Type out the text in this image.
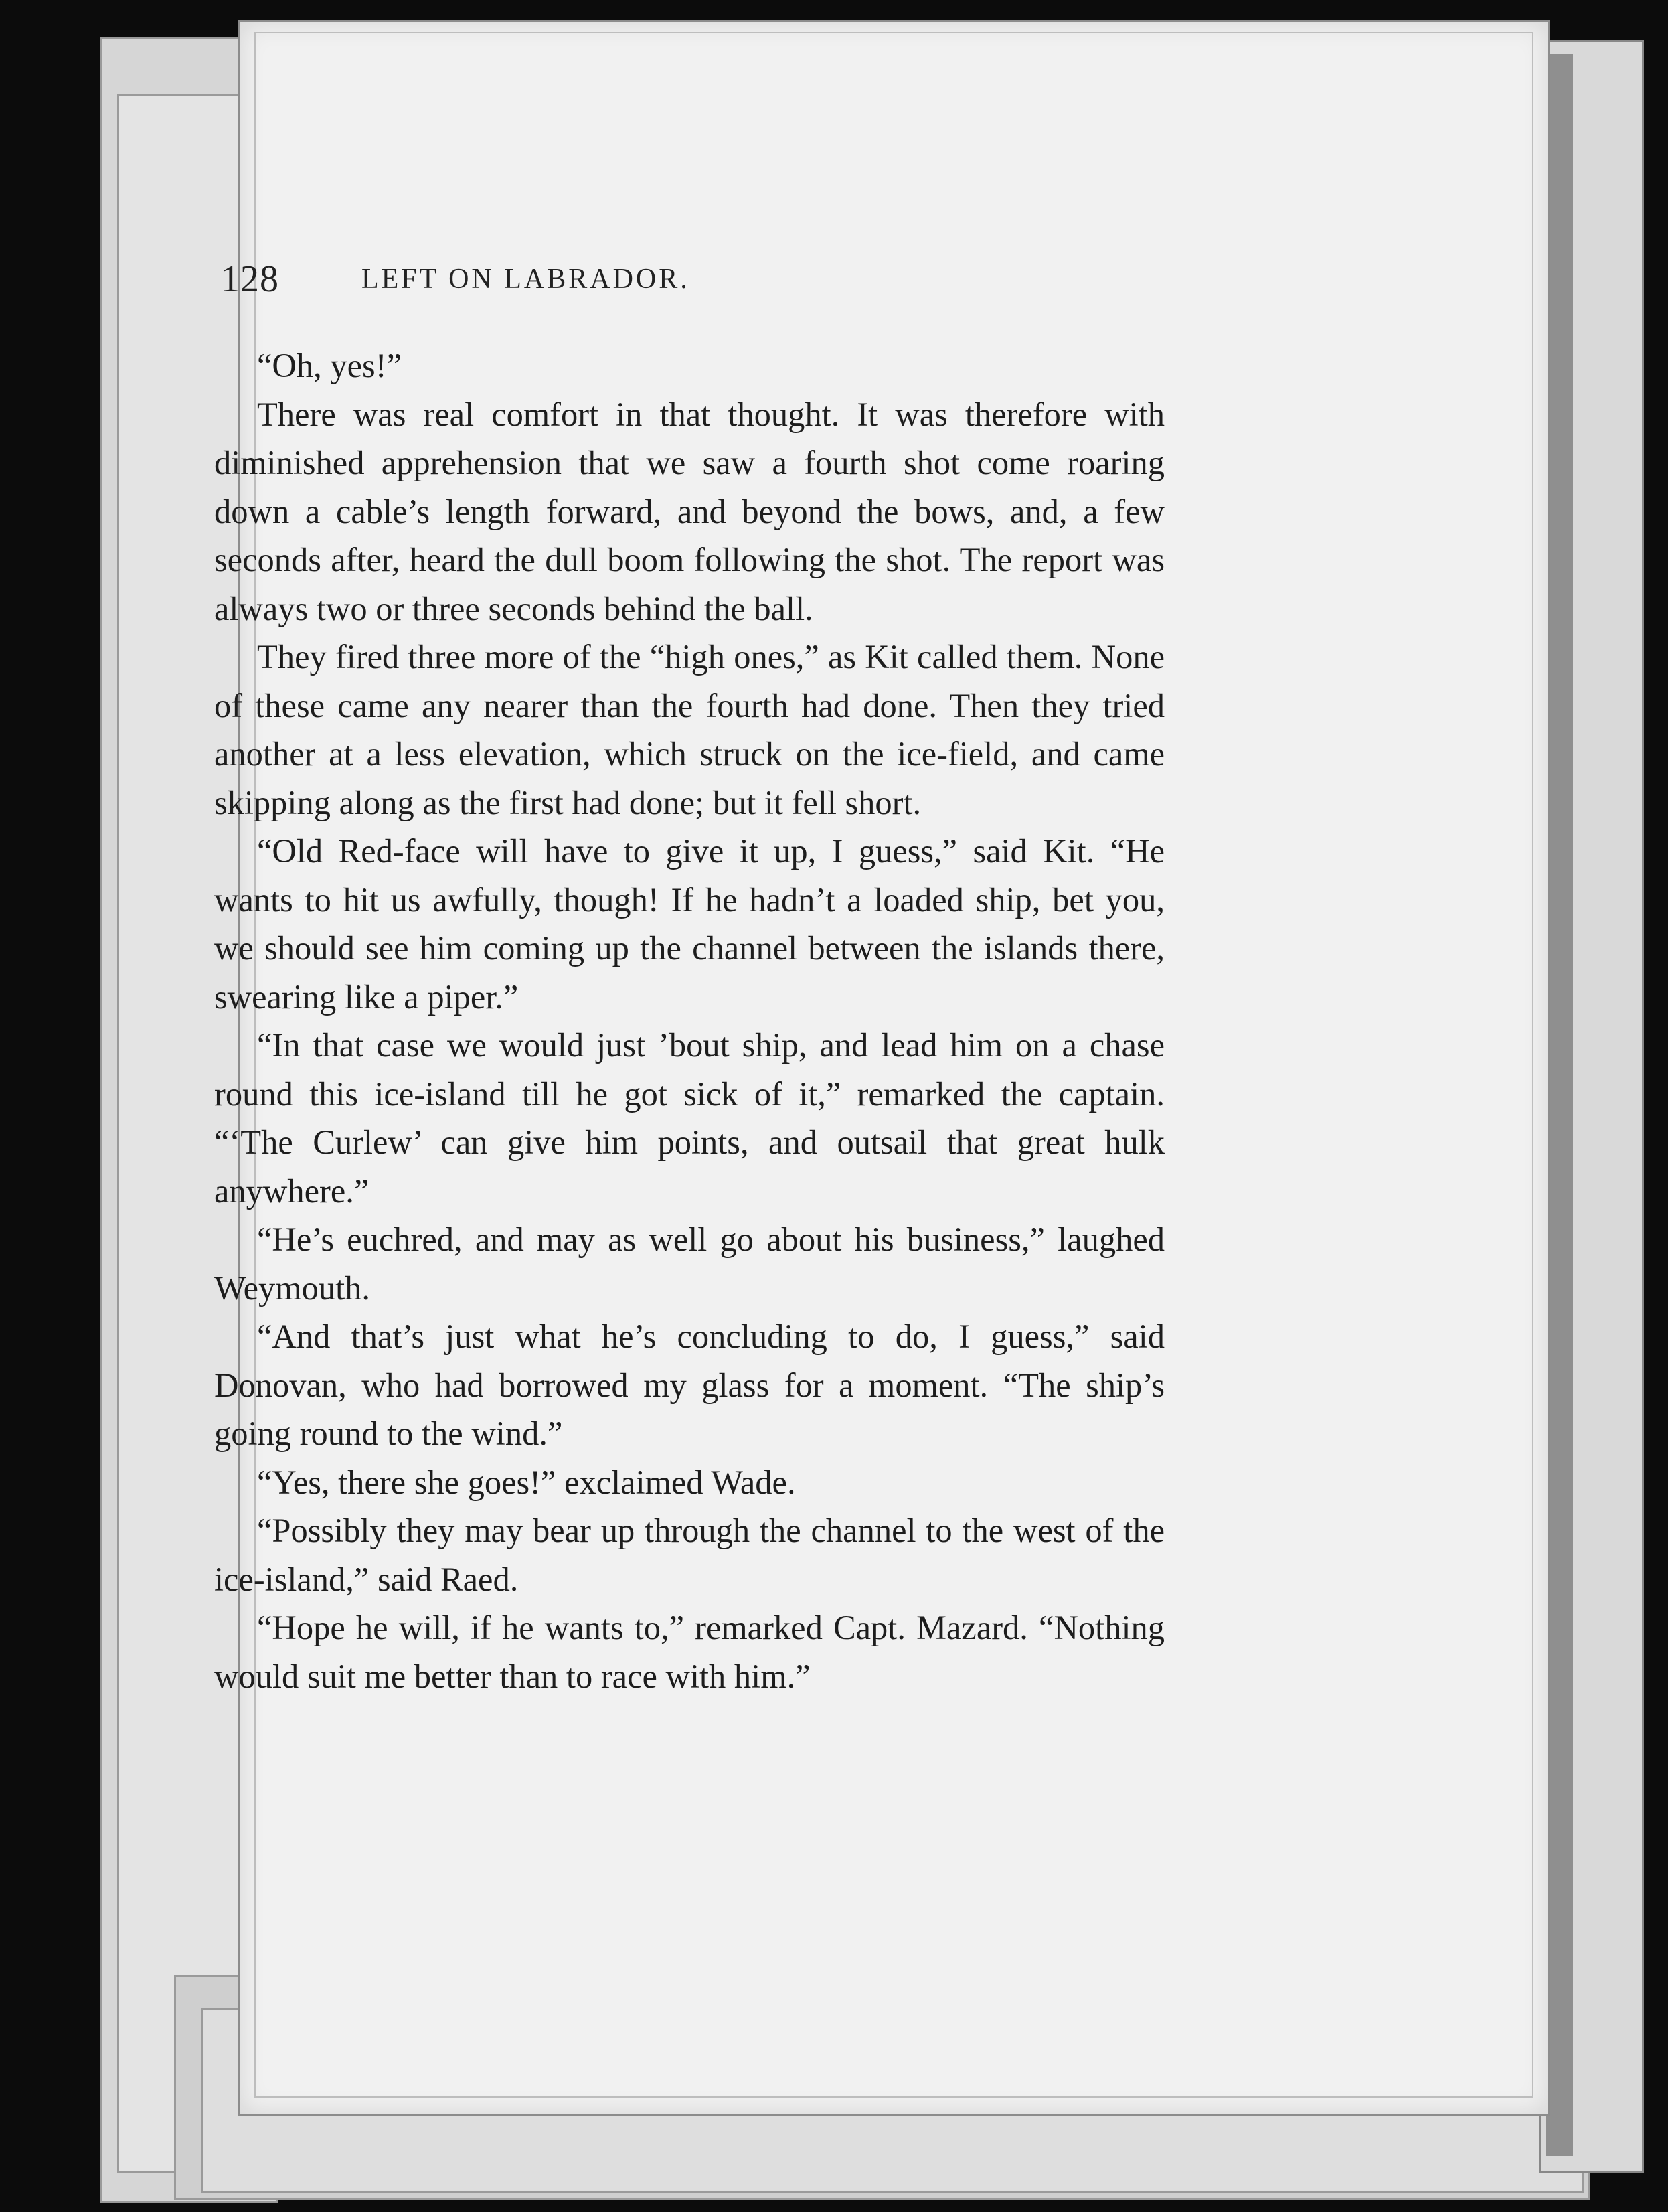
128	LEFT ON LABRADOR.

“Oh, yes!”

There was real comfort in that thought. It was therefore with diminished apprehension that we saw a fourth shot come roaring down a cable’s length forward, and beyond the bows, and, a few seconds after, heard the dull boom following the shot. The report was always two or three seconds behind the ball.

They fired three more of the “high ones,” as Kit called them. None of these came any nearer than the fourth had done. Then they tried another at a less elevation, which struck on the ice-field, and came skipping along as the first had done; but it fell short.

“Old Red-face will have to give it up, I guess,” said Kit. “He wants to hit us awfully, though! If he hadn’t a loaded ship, bet you, we should see him coming up the channel between the islands there, swearing like a piper.”

“In that case we would just ’bout ship, and lead him on a chase round this ice-island till he got sick of it,” remarked the captain. “‘The Curlew’ can give him points, and outsail that great hulk anywhere.”

“He’s euchred, and may as well go about his business,” laughed Weymouth.

“And that’s just what he’s concluding to do, I guess,” said Donovan, who had borrowed my glass for a moment. “The ship’s going round to the wind.”

“Yes, there she goes!” exclaimed Wade.

“Possibly they may bear up through the channel to the west of the ice-island,” said Raed.

“Hope he will, if he wants to,” remarked Capt. Mazard. “Nothing would suit me better than to race with him.”
